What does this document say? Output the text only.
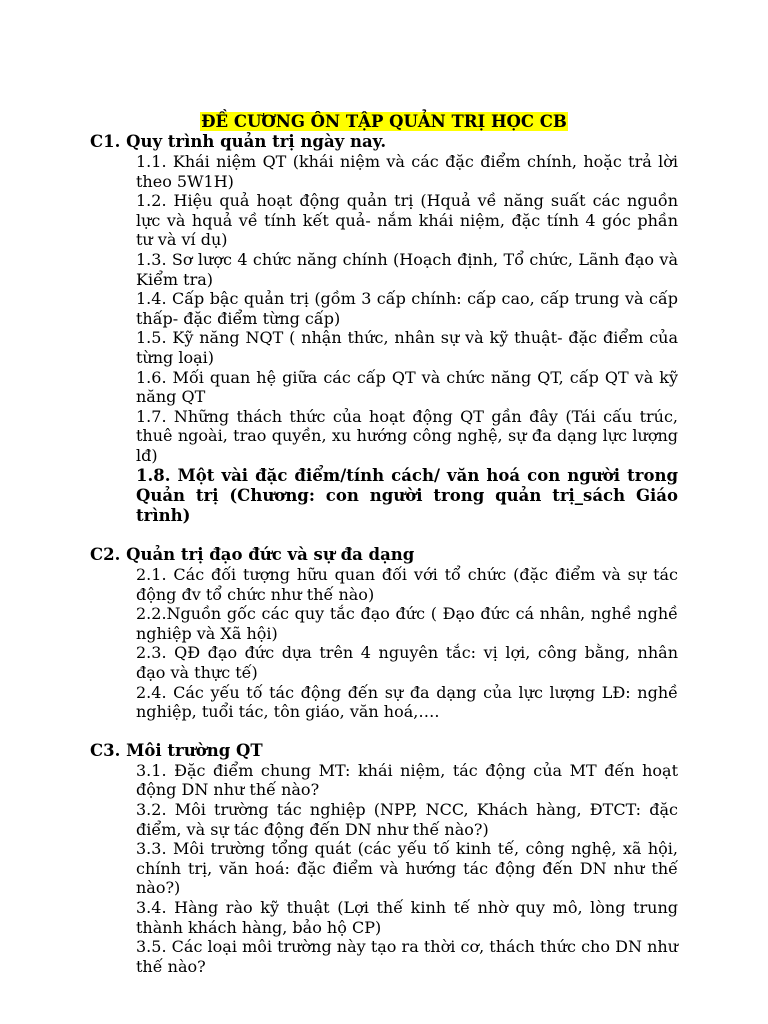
ĐỀ CƯƠNG ÔN TẬP QUẢN TRỊ HỌC CB
C1. Quy trình quản trị ngày nay.
1.1. Khái niệm QT (khái niệm và các đặc điểm chính, hoặc trả lời theo 5W1H)
1.2. Hiệu quả hoạt động quản trị (Hquả về năng suất các nguồn lực và hquả về tính kết quả- nắm khái niệm, đặc tính 4 góc phần tư và ví dụ)
1.3. Sơ lược 4 chức năng chính (Hoạch định, Tổ chức, Lãnh đạo và Kiểm tra)
1.4. Cấp bậc quản trị (gồm 3 cấp chính: cấp cao, cấp trung và cấp thấp- đặc điểm từng cấp)
1.5. Kỹ năng NQT ( nhận thức, nhân sự và kỹ thuật- đặc điểm của từng loại)
1.6. Mối quan hệ giữa các cấp QT và chức năng QT, cấp QT và kỹ năng QT
1.7. Những thách thức của hoạt động QT gần đây (Tái cấu trúc, thuê ngoài, trao quyền, xu hướng công nghệ, sự đa dạng lực lượng lđ)
1.8. Một vài đặc điểm/tính cách/ văn hoá con người trong Quản trị (Chương: con người trong quản trị_sách Giáo trình)
C2. Quản trị đạo đức và sự đa dạng
2.1. Các đối tượng hữu quan đối với tổ chức (đặc điểm và sự tác động đv tổ chức như thế nào)
2.2.Nguồn gốc các quy tắc đạo đức ( Đạo đức cá nhân, nghề nghề nghiệp và Xã hội)
2.3. QĐ đạo đức dựa trên 4 nguyên tắc: vị lợi, công bằng, nhân đạo và thực tế)
2.4. Các yếu tố tác động đến sự đa dạng của lực lượng LĐ: nghề nghiệp, tuổi tác, tôn giáo, văn hoá,….
C3. Môi trường QT
3.1. Đặc điểm chung MT: khái niệm, tác động của MT đến hoạt động DN như thế nào?
3.2. Môi trường tác nghiệp (NPP, NCC, Khách hàng, ĐTCT: đặc điểm, và sự tác động đến DN như thế nào?)
3.3. Môi trường tổng quát (các yếu tố kinh tế, công nghệ, xã hội, chính trị, văn hoá: đặc điểm và hướng tác động đến DN như thế nào?)
3.4. Hàng rào kỹ thuật (Lợi thế kinh tế nhờ quy mô, lòng trung thành khách hàng, bảo hộ CP)
3.5. Các loại môi trường này tạo ra thời cơ, thách thức cho DN như thế nào?
